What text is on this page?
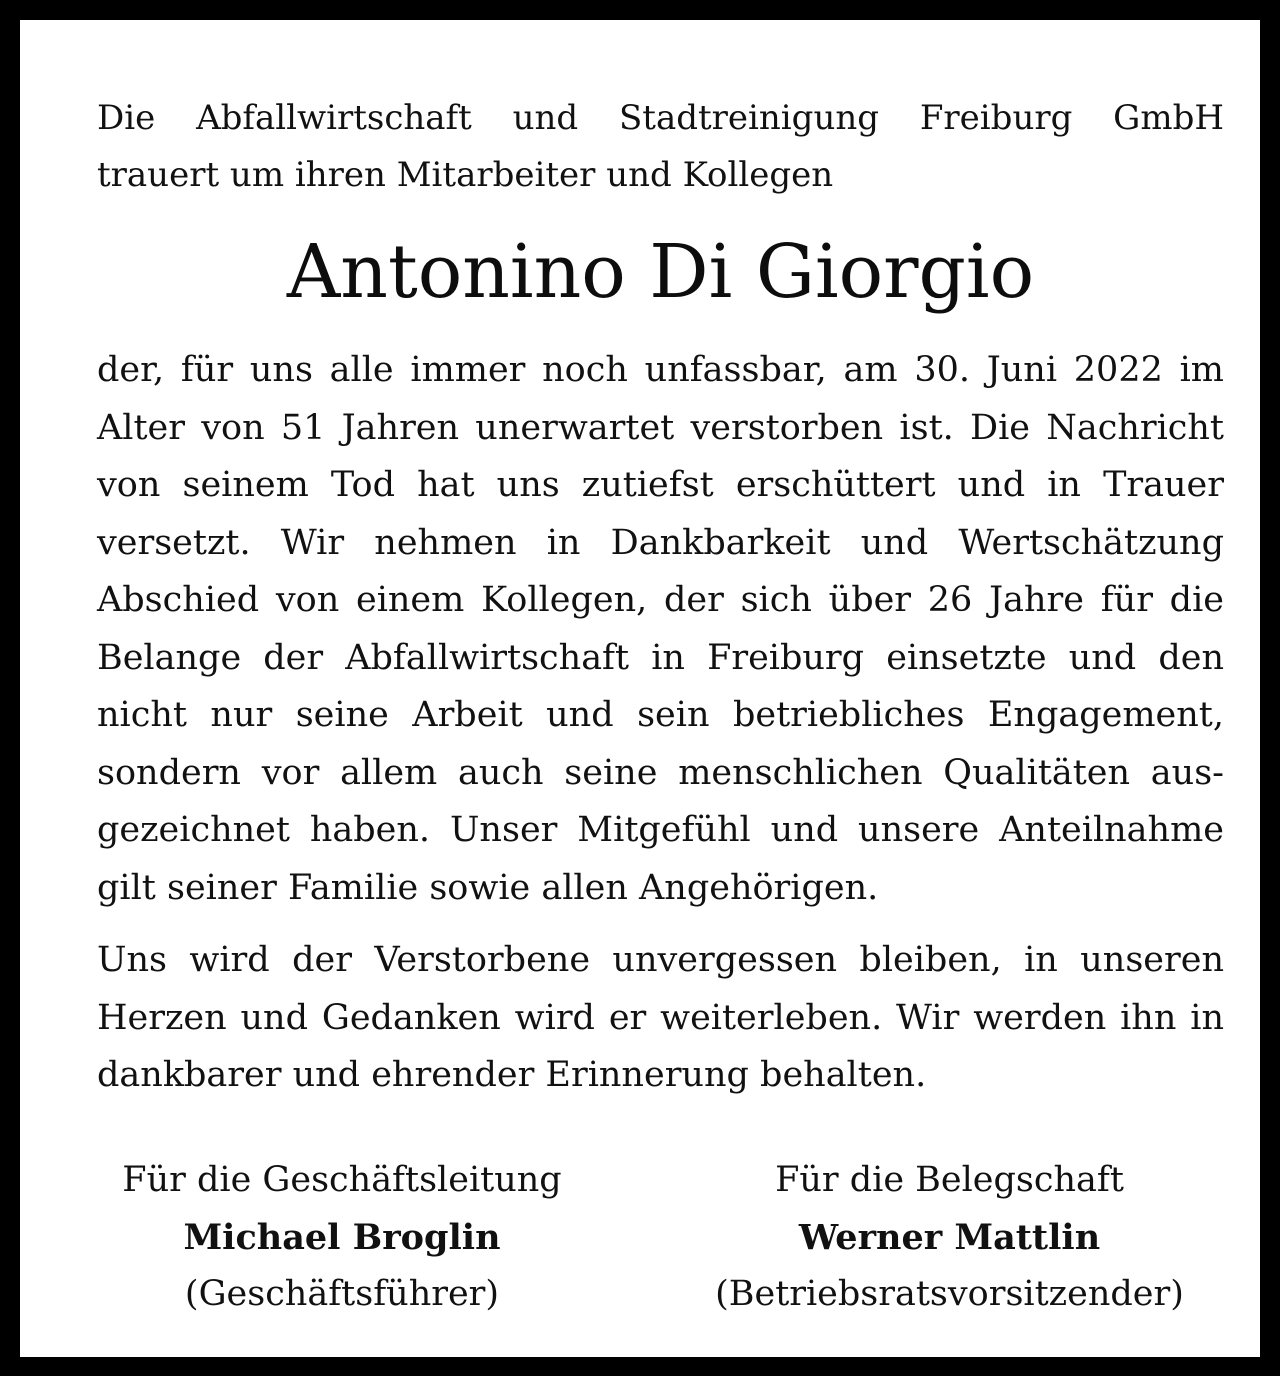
Die Abfallwirtschaft und Stadtreinigung Freiburg GmbH
trauert um ihren Mitarbeiter und Kollegen

Antonino Di Giorgio

der, für uns alle immer noch unfassbar, am 30. Juni 2022 im Alter von 51 Jahren unerwartet verstorben ist. Die Nachricht von seinem Tod hat uns zutiefst erschüttert und in Trauer versetzt. Wir nehmen in Dankbarkeit und Wertschätzung Abschied von einem Kollegen, der sich über 26 Jahre für die Belange der Abfallwirtschaft in Freiburg einsetzte und den nicht nur seine Arbeit und sein betriebliches Engagement, sondern vor allem auch seine menschlichen Qualitäten ausgezeichnet haben. Unser Mitgefühl und unsere Anteilnahme gilt seiner Familie sowie allen Angehörigen.

Uns wird der Verstorbene unvergessen bleiben, in unseren Herzen und Gedanken wird er weiterleben. Wir werden ihn in dankbarer und ehrender Erinnerung behalten.

Für die Geschäftsleitung
Michael Broglin
(Geschäftsführer)
Für die Belegschaft
Werner Mattlin
(Betriebsratsvorsitzender)
